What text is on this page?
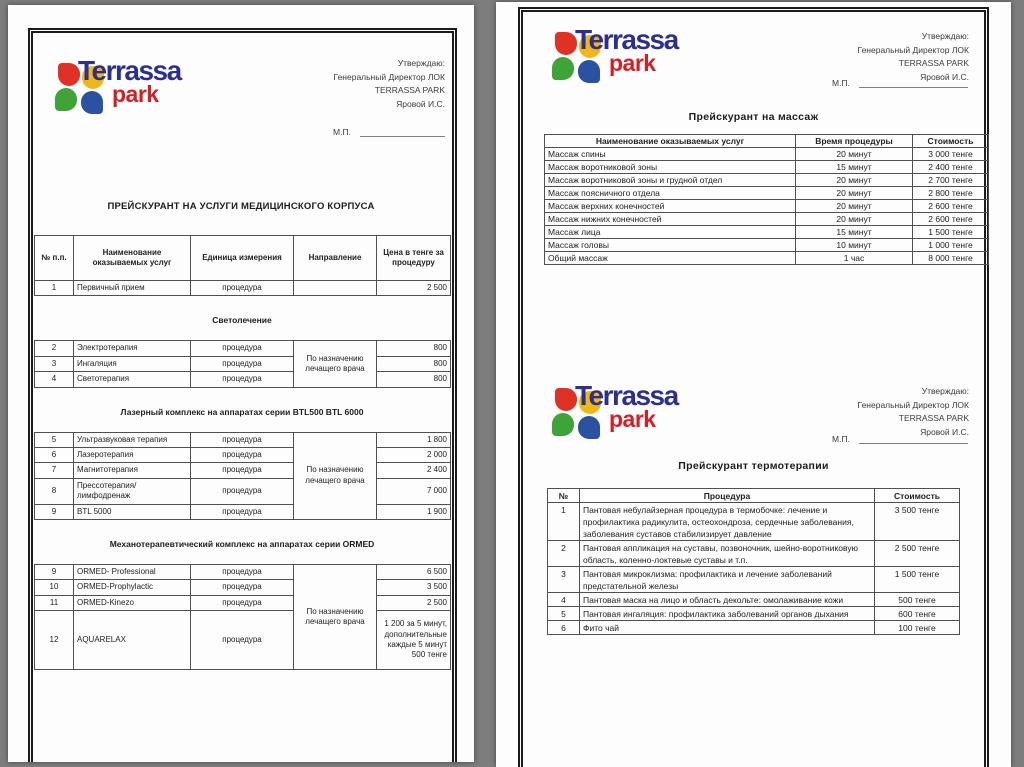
Terrassa
park
Утверждаю:
Генеральный Директор ЛОК
TERRASSA PARK
Яровой И.С.
М.П.
ПРЕЙСКУРАНТ НА УСЛУГИ МЕДИЦИНСКОГО КОРПУСА
№ п.п.	Наименование оказываемых услуг	Единица измерения	Направление	Цена в тенге за процедуру
1	Первичный прием	процедура		2 500
Светолечение
2	Электротерапия	процедура	По назначению лечащего врача	800
3	Ингаляция	процедура		800
4	Светотерапия	процедура		800
Лазерный комплекс на аппаратах серии BTL500 BTL 6000
5	Ультразвуковая терапия	процедура	По назначению лечащего врача	1 800
6	Лазеротерапия	процедура		2 000
7	Магнитотерапия	процедура		2 400
8	Прессотерапия/лимфодренаж	процедура		7 000
9	BTL 5000	процедура		1 900
Механотерапевтический комплекс на аппаратах серии ORMED
9	ORMED- Professional	процедура	По назначению лечащего врача	6 500
10	ORMED-Prophylactic	процедура		3 500
11	ORMED-Kinezo	процедура		2 500
12	AQUARELAX	процедура		1 200 за 5 минут, дополнительные каждые 5 минут 500 тенге
Terrassa
park
Утверждаю:
Генеральный Директор ЛОК
TERRASSA PARK
Яровой И.С.
М.П.
Прейскурант на массаж
Наименование оказываемых услуг	Время процедуры	Стоимость
Массаж спины	20 минут	3 000 тенге
Массаж воротниковой зоны	15 минут	2 400 тенге
Массаж воротниковой зоны и грудной отдел	20 минут	2 700 тенге
Массаж поясничного отдела	20 минут	2 800 тенге
Массаж верхних конечностей	20 минут	2 600 тенге
Массаж нижних конечностей	20 минут	2 600 тенге
Массаж лица	15 минут	1 500 тенге
Массаж головы	10 минут	1 000 тенге
Общий массаж	1 час	8 000 тенге
Terrassa
park
Утверждаю:
Генеральный Директор ЛОК
TERRASSA PARK
Яровой И.С.
М.П.
Прейскурант термотерапии
№	Процедура	Стоимость
1	Пантовая небулайзерная процедура в термобочке: лечение и профилактика радикулита, остеохондроза, сердечные заболевания, заболевания суставов стабилизирует давление	3 500 тенге
2	Пантовая аппликация на суставы, позвоночник, шейно-воротниковую область, коленно-локтевые суставы и т.п.	2 500 тенге
3	Пантовая микроклизма: профилактика и лечение заболеваний предстательной железы	1 500 тенге
4	Пантовая маска на лицо и область декольте: омолаживание кожи	500 тенге
5	Пантовая ингаляция: профилактика заболеваний органов дыхания	600 тенге
6	Фито чай	100 тенге
